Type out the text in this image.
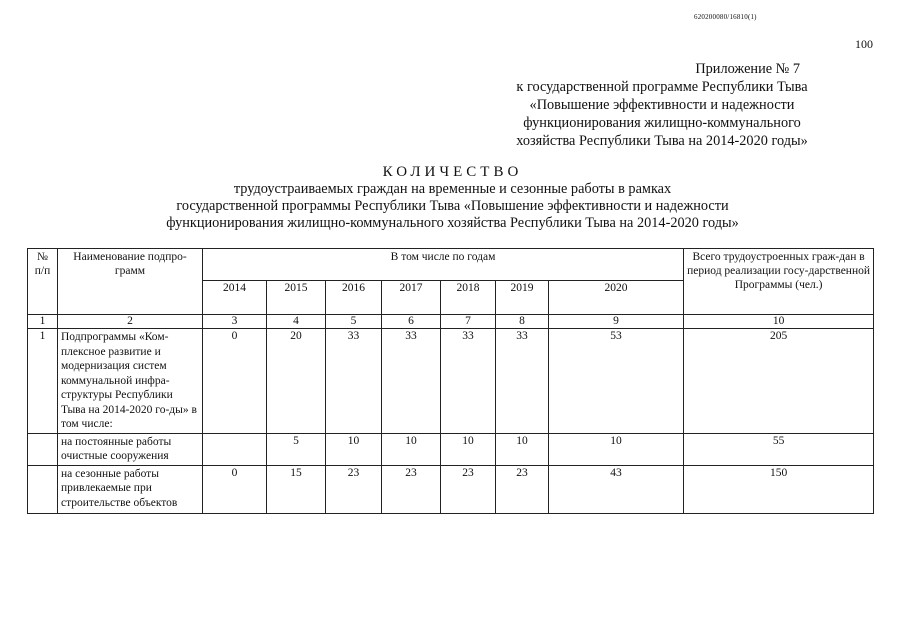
620200080/16810(1)
100
Приложение № 7
к государственной программе Республики Тыва
«Повышение эффективности и надежности
функционирования жилищно-коммунального
хозяйства Республики Тыва на 2014-2020 годы»
КОЛИЧЕСТВО
трудоустраиваемых граждан на временные и сезонные работы в рамках
государственной программы Республики Тыва «Повышение эффективности и надежности
функционирования жилищно-коммунального хозяйства Республики Тыва на 2014-2020 годы»
№ п/п	Наименование подпро-грамм	В том числе по годам							Всего трудоустроенных граж-дан в период реализации госу-дарственной Программы (чел.)
		2014	2015	2016	2017	2018	2019	2020	
1	2	3	4	5	6	7	8	9	10
1	Подпрограммы «Ком-плексное развитие и модернизация систем коммунальной инфра-структуры Республики Тыва на 2014-2020 го-ды» в том числе:	0	20	33	33	33	33	53	205
	на постоянные работы очистные сооружения		5	10	10	10	10	10	55
	на сезонные работы привлекаемые при строительстве объектов	0	15	23	23	23	23	43	150
